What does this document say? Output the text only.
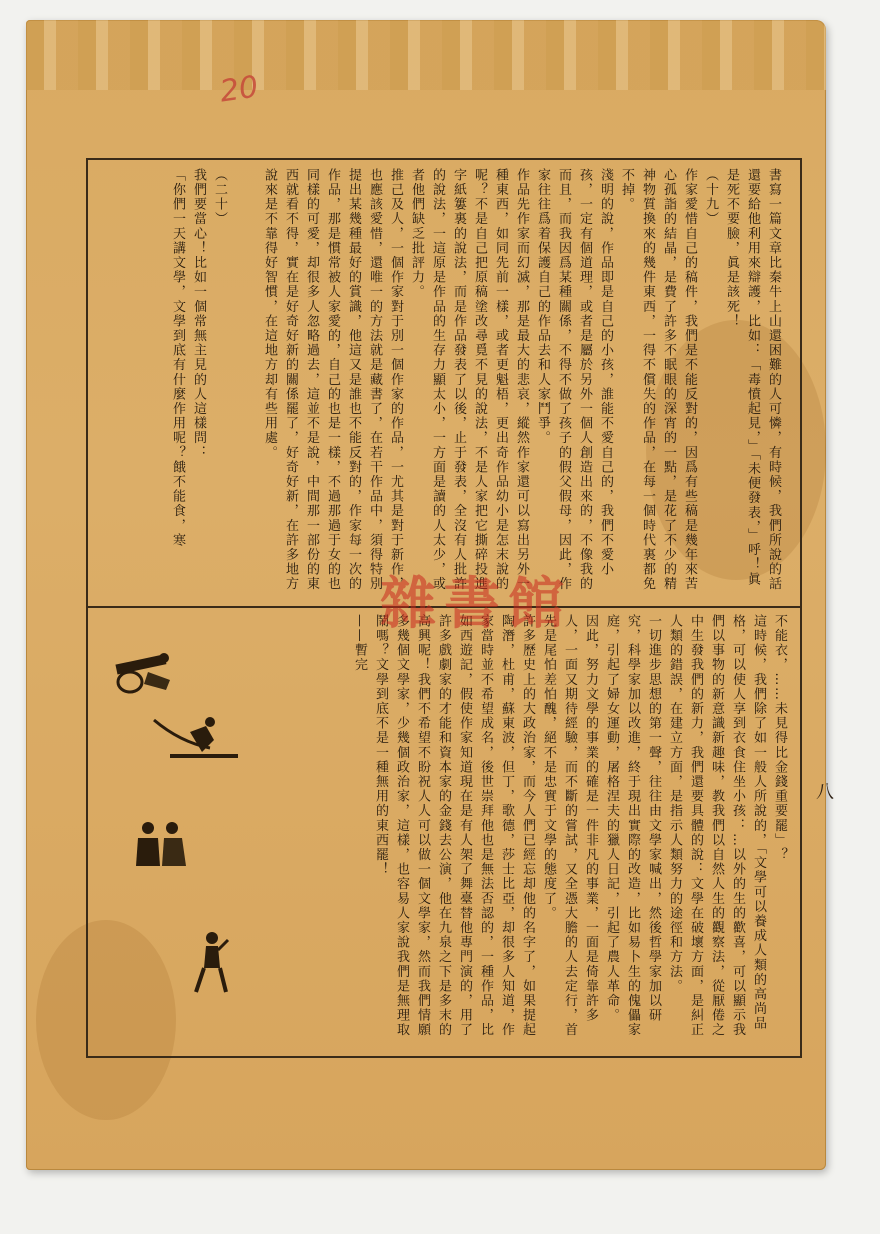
20
八
書寫一篇文章比秦牛上山還困難的人可憐，有時候，我們所說的話還要給他利用來辯護，比如：「毒憤起見，」「未便發表，」呼！眞是死不要臉，眞是該死！
（十九）
作家愛惜自己的稿件，我們是不能反對的，因爲有些稿是幾年來苦心孤詣的結晶，是費了許多不眠眼的深宵的一點，是花了不少的精神物質換來的幾件東西，一得不償失的作品，在每一個時代裏都免不掉。
淺明的說，作品即是自己的小孩，誰能不愛自己的，我們不愛小孩，一定有個道理，或者是屬於另外一個人創造出來的，不像我的而且，而我因爲某種關係，不得不做了孩子的假父假母，因此，作家往往爲着保護自己的作品去和人家鬥爭。
作品先作家而幻滅，那是最大的悲哀，縱然作家還可以寫出另外一種東西，如同先前一樣，或者更魁梧，更出奇作品幼小是怎末說的呢？不是自己把原稿塗改尋覓不見的說法，不是人家把它撕碎投進字紙簍裏的說法，而是作品發表了以後，止于發表，全沒有人批許的說法，一這原是作品的生存力顯太小，一方面是讀的人太少，或者他們缺乏批評力。
推己及人，一個作家對于別一個作家的作品，一尤其是對于新作，也應該愛惜，還唯一的方法就是藏書了，在若干作品中，須得特別提出某幾種最好的賞識，他這又是誰也不能反對的，作家每一次的作品，那是慣常被人家愛的，自己的也是一樣，不過那過于女的也同樣的可愛，却很多人忽略過去，這並不是說，中間那一部份的東西就看不得，實在是好奇好新的關係罷了，好奇好新，在許多地方說來是不靠得好智慣，在這地方却有些用處。
不能衣，……未見得比金錢重要罷」？
這時候，我們除了如一般人所說的，「文學可以養成人類的高尚品格，可以使人享到衣食住坐小孩：…以外的生的歡喜，可以顯示我們以事物的新意識新趣味，教我們以自然人生的觀察法，從厭倦之中生發我們的新力，我們還要具體的說：文學在破壞方面，是糾正人類的錯誤，在建立方面，是指示人類努力的途徑和方法。
一切進步思想的第一聲，往往由文學家喊出，然後哲學家加以研究，科學家加以改進，終于現出實際的改造，比如易卜生的傀儡家庭，引起了婦女運動，屠格涅夫的獵人日記，引起了農人革命。
因此，努力文學的事業的確是一件非凡的事業，一面是倚靠許多人，一面又期待經驗，而不斷的嘗試，又全憑大膽的人去定行，首先是尾怕差怕醜，絕不是忠實于文學的態度了。
許多歷史上的大政治家，而今人們已經忘却他的名字了，如果提起陶潛，杜甫，蘇東波，但丁，歌德，莎士比亞，却很多人知道，作家當時並不希望成名，後世崇拜他也是無法否認的，一種作品，比如西遊記，假使作家知道現在是有人架了舞臺替他專門演的，用了許多戲劇家的才能和資本家的金錢去公演，他在九泉之下是多末的高興呢！我們不希望不盼祝人人可以做一個文學家，然而我們情願多幾個文學家，少幾個政治家，這樣，也容易人家說我們是無理取鬧嗎？文學到底不是一種無用的東西罷！
——暫完
（二十）
我們要當心！比如一個常無主見的人這樣問：
「你們一天講文學，文學到底有什麼作用呢？餓不能食，寒
雜書館
